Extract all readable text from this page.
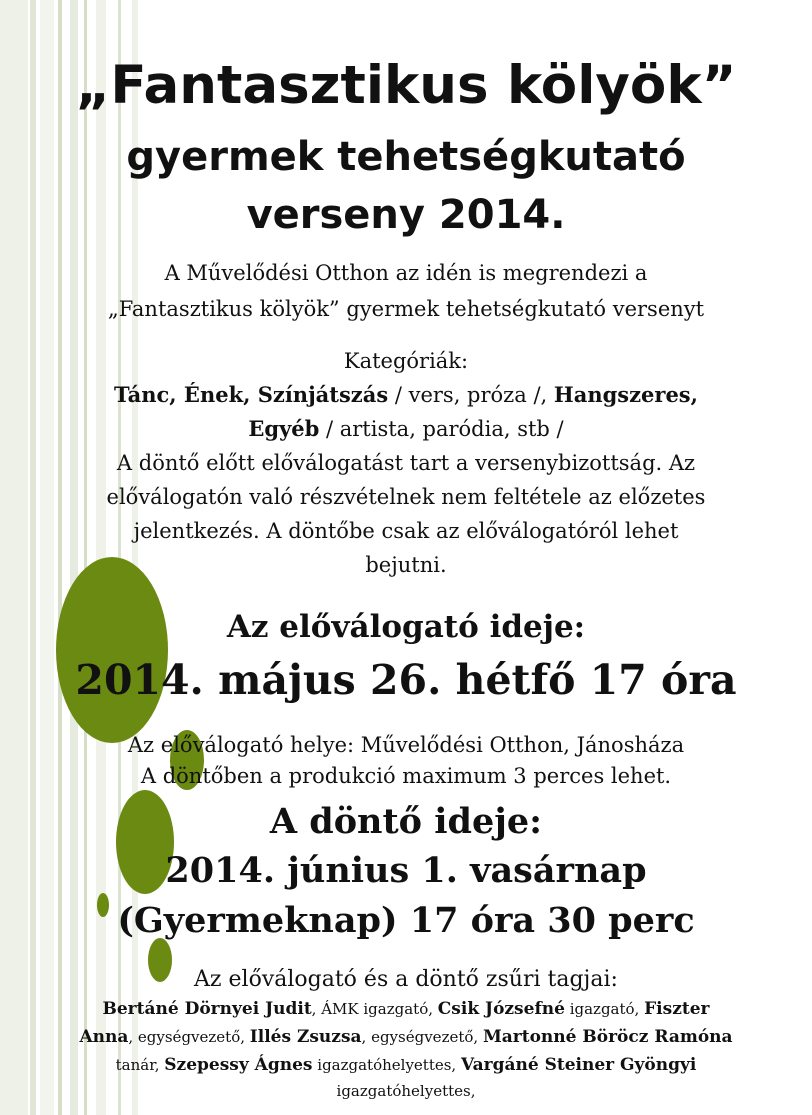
„Fantasztikus kölyök”
gyermek tehetségkutató
verseny 2014.
A Művelődési Otthon az idén is megrendezi a
„Fantasztikus kölyök” gyermek tehetségkutató versenyt
Kategóriák:
Tánc, Ének, Színjátszás / vers, próza /, Hangszeres,
Egyéb / artista, paródia, stb /
A döntő előtt előválogatást tart a versenybizottság. Az
előválogatón való részvételnek nem feltétele az előzetes
jelentkezés. A döntőbe csak az előválogatóról lehet
bejutni.
Az előválogató ideje:
2014. május 26. hétfő 17 óra
Az előválogató helye: Művelődési Otthon, Jánosháza
A döntőben a produkció maximum 3 perces lehet.
A döntő ideje:
2014. június 1. vasárnap
(Gyermeknap) 17 óra 30 perc
Az előválogató és a döntő zsűri tagjai:
Bertáné Dörnyei Judit, ÁMK igazgató, Csik Józsefné igazgató, Fiszter
Anna, egységvezető, Illés Zsuzsa, egységvezető, Martonné Böröcz Ramóna
tanár, Szepessy Ágnes igazgatóhelyettes, Vargáné Steiner Gyöngyi
igazgatóhelyettes,
